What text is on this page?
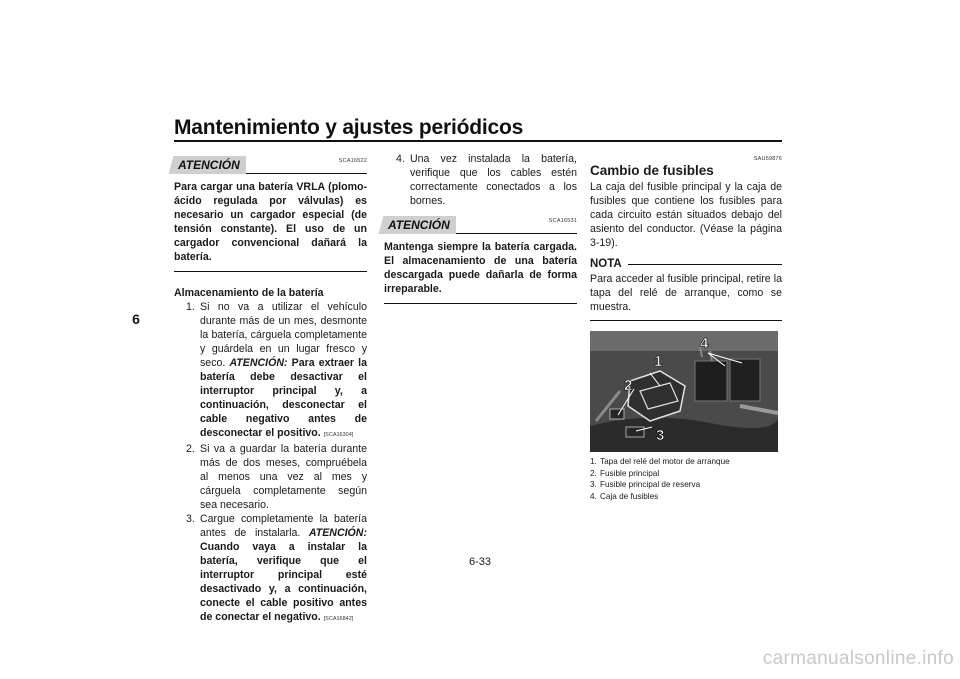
Mantenimiento y ajustes periódicos
6
ATENCIÓN	SCA16522
Para cargar una batería VRLA (plomo-ácido regulada por válvulas) es necesario un cargador especial (de tensión constante). El uso de un cargador convencional dañará la batería.
Almacenamiento de la batería
1. Si no va a utilizar el vehículo durante más de un mes, desmonte la batería, cárguela completamente y guárdela en un lugar fresco y seco. ATENCIÓN: Para extraer la batería debe desactivar el interruptor principal y, a continuación, desconectar el cable negativo antes de desconectar el positivo. [SCA16304]
2. Si va a guardar la batería durante más de dos meses, compruébela al menos una vez al mes y cárguela completamente según sea necesario.
3. Cargue completamente la batería antes de instalarla. ATENCIÓN: Cuando vaya a instalar la batería, verifique que el interruptor principal esté desactivado y, a continuación, conecte el cable positivo antes de conectar el negativo. [SCA16842]
4. Una vez instalada la batería, verifique que los cables estén correctamente conectados a los bornes.
ATENCIÓN	SCA16531
Mantenga siempre la batería cargada. El almacenamiento de una batería descargada puede dañarla de forma irreparable.
SAU59876
Cambio de fusibles
La caja del fusible principal y la caja de fusibles que contiene los fusibles para cada circuito están situados debajo del asiento del conductor. (Véase la página 3-19).
NOTA
Para acceder al fusible principal, retire la tapa del relé de arranque, como se muestra.
1
2
3
4
1. Tapa del relé del motor de arranque
2. Fusible principal
3. Fusible principal de reserva
4. Caja de fusibles
6-33
carmanualsonline.info
